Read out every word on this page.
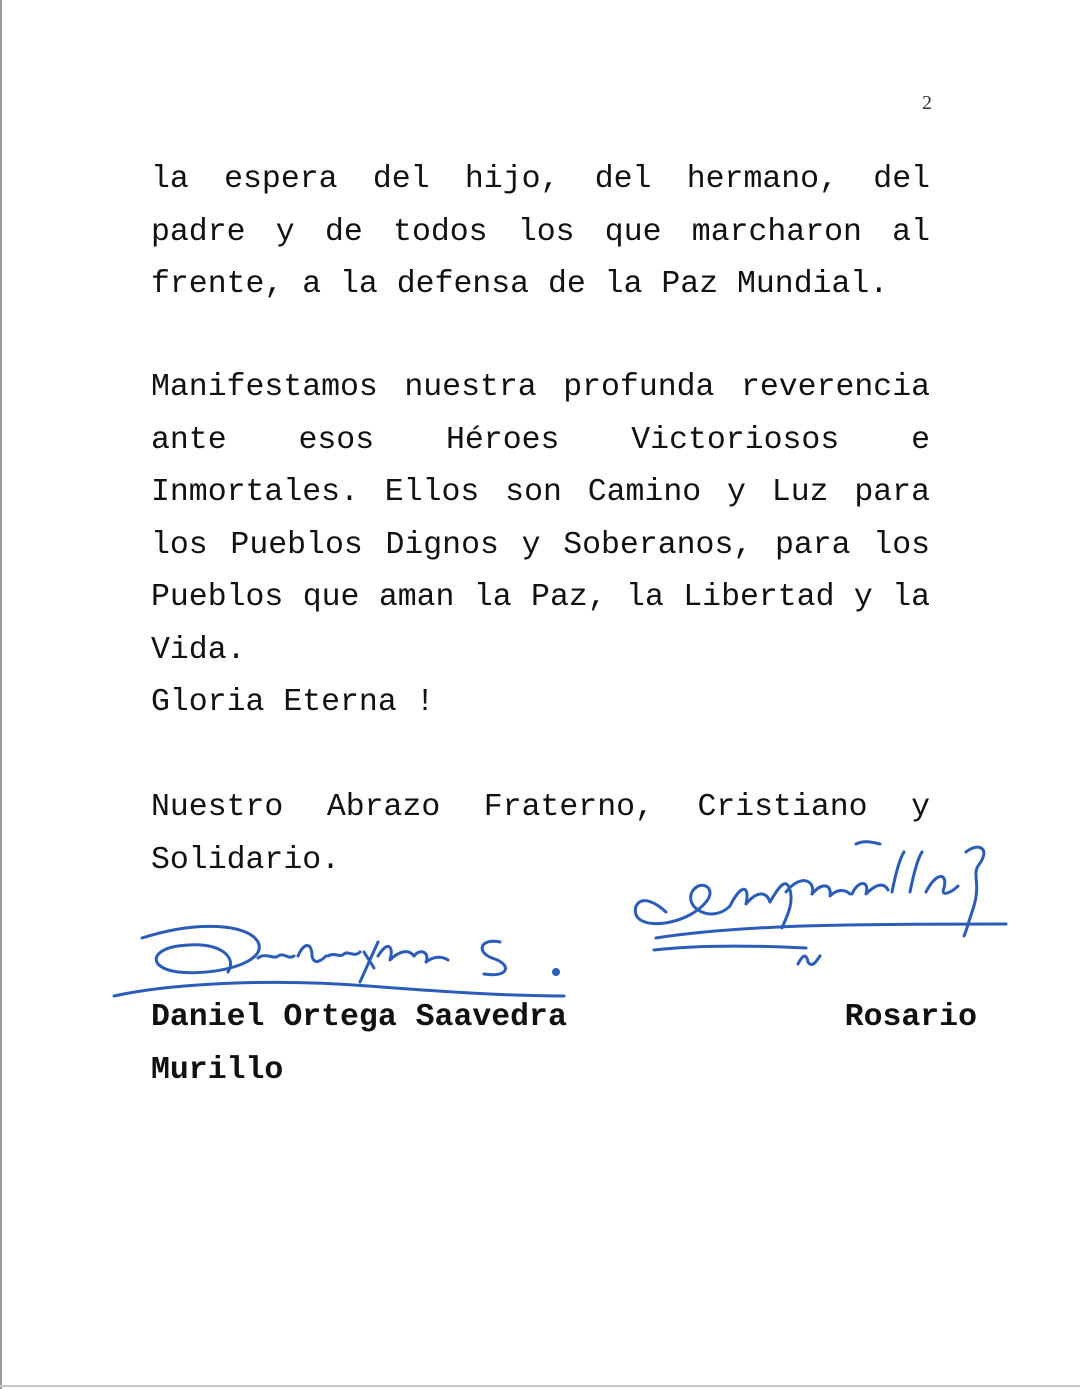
2
la espera del hijo, del hermano, del padre y de todos los que marcharon al frente, a la defensa de la Paz Mundial.
Manifestamos nuestra profunda reverencia ante esos Héroes Victoriosos e Inmortales. Ellos son Camino y Luz para los Pueblos Dignos y Soberanos, para los Pueblos que aman la Paz, la Libertad y la Vida.
Gloria Eterna !
Nuestro Abrazo Fraterno, Cristiano y Solidario.
Daniel Ortega Saavedra	Rosario
Murillo
